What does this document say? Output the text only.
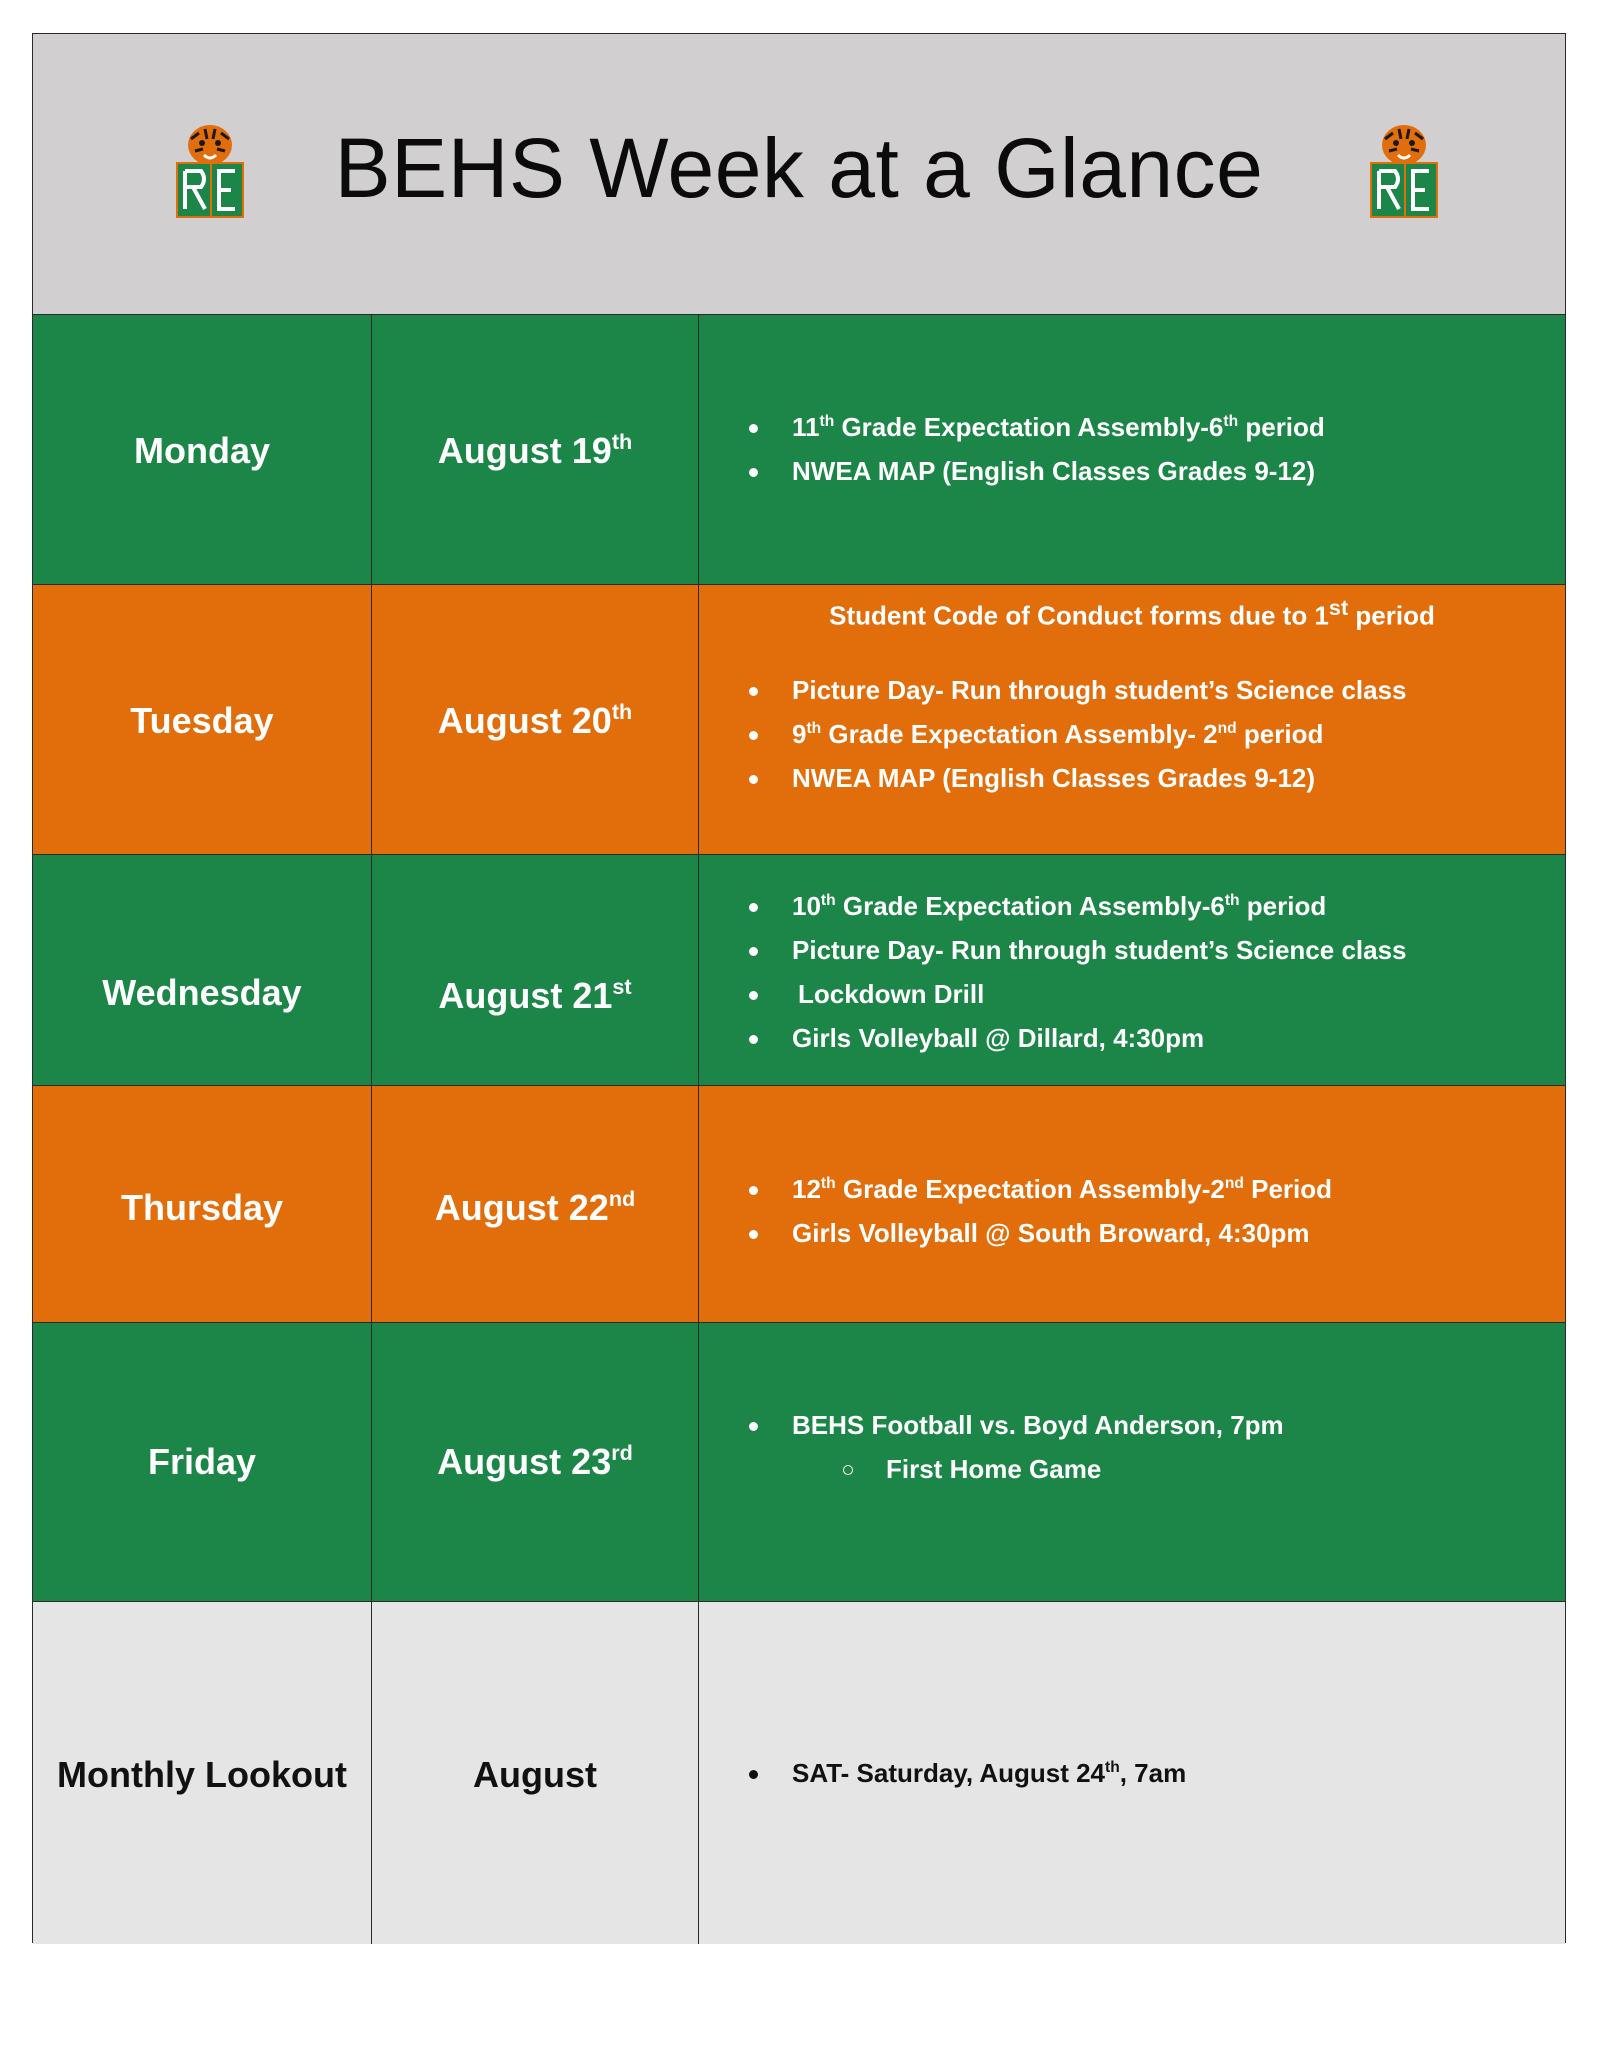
BEHS Week at a Glance
Monday	August 19th	11th Grade Expectation Assembly-6th period
NWEA MAP (English Classes Grades 9-12)
Tuesday	August 20th
Student Code of Conduct forms due to 1st period
Picture Day- Run through student’s Science class
9th Grade Expectation Assembly- 2nd period
NWEA MAP (English Classes Grades 9-12)
Wednesday	August 21st
10th Grade Expectation Assembly-6th period
Picture Day- Run through student’s Science class
Lockdown Drill
Girls Volleyball @ Dillard, 4:30pm
Thursday	August 22nd	12th Grade Expectation Assembly-2nd Period
Girls Volleyball @ South Broward, 4:30pm
Friday	August 23rd
BEHS Football vs. Boyd Anderson, 7pm
First Home Game
Monthly Lookout	August	SAT- Saturday, August 24th, 7am
